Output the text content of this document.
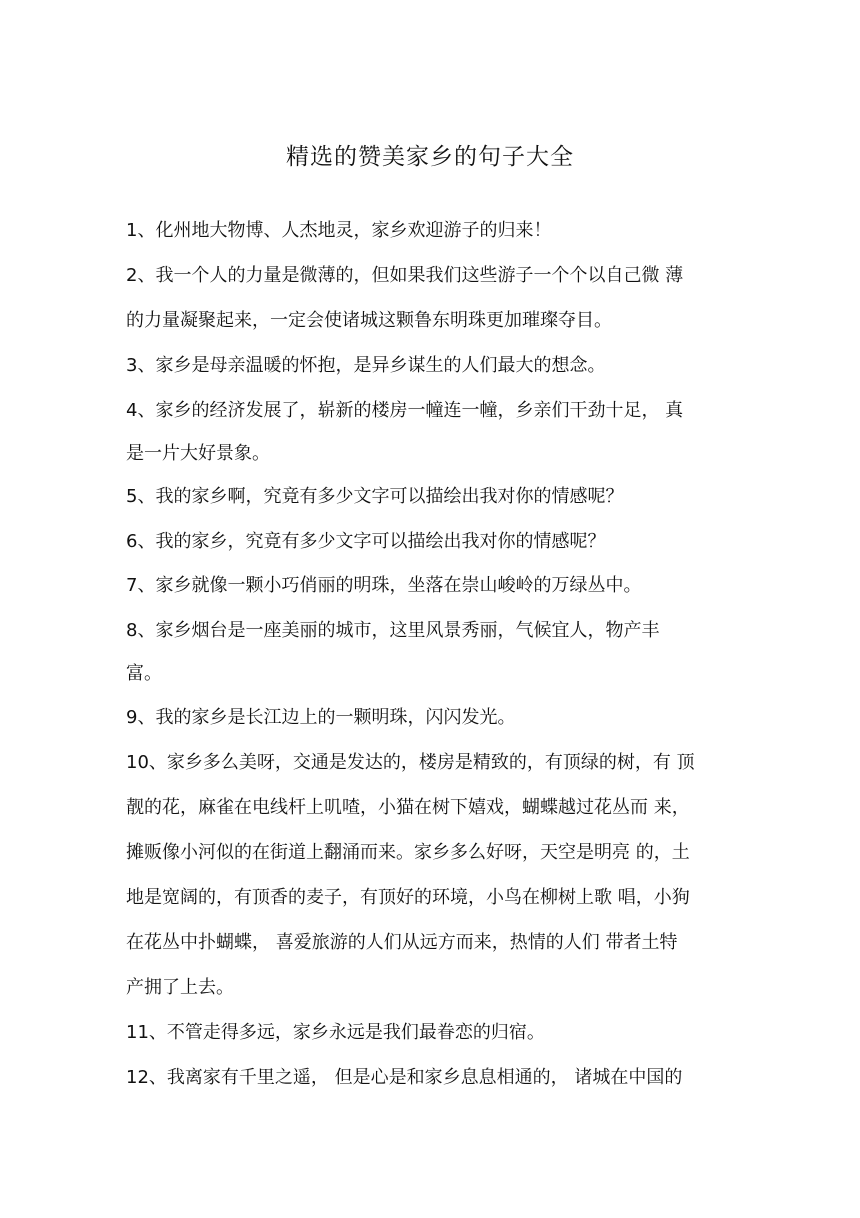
精选的赞美家乡的句子大全
1、化州地大物博、人杰地灵，家乡欢迎游子的归来！
2、我一个人的力量是微薄的，但如果我们这些游子一个个以自己微 薄
的力量凝聚起来，一定会使诸城这颗鲁东明珠更加璀璨夺目。
3、家乡是母亲温暖的怀抱，是异乡谋生的人们最大的想念。
4、家乡的经济发展了，崭新的楼房一幢连一幢，乡亲们干劲十足， 真
是一片大好景象。
5、我的家乡啊，究竟有多少文字可以描绘出我对你的情感呢？
6、我的家乡，究竟有多少文字可以描绘出我对你的情感呢？
7、家乡就像一颗小巧俏丽的明珠，坐落在崇山峻岭的万绿丛中。
8、家乡烟台是一座美丽的城市，这里风景秀丽，气候宜人，物产丰
富。
9、我的家乡是长江边上的一颗明珠，闪闪发光。
10、家乡多么美呀，交通是发达的，楼房是精致的，有顶绿的树，有 顶
靓的花，麻雀在电线杆上叽喳，小猫在树下嬉戏，蝴蝶越过花丛而 来，
摊贩像小河似的在街道上翻涌而来。家乡多么好呀，天空是明亮 的，土
地是宽阔的，有顶香的麦子，有顶好的环境，小鸟在柳树上歌 唱，小狗
在花丛中扑蝴蝶， 喜爱旅游的人们从远方而来，热情的人们 带者土特
产拥了上去。
11、不管走得多远，家乡永远是我们最眷恋的归宿。
12、我离家有千里之遥， 但是心是和家乡息息相通的， 诸城在中国的
